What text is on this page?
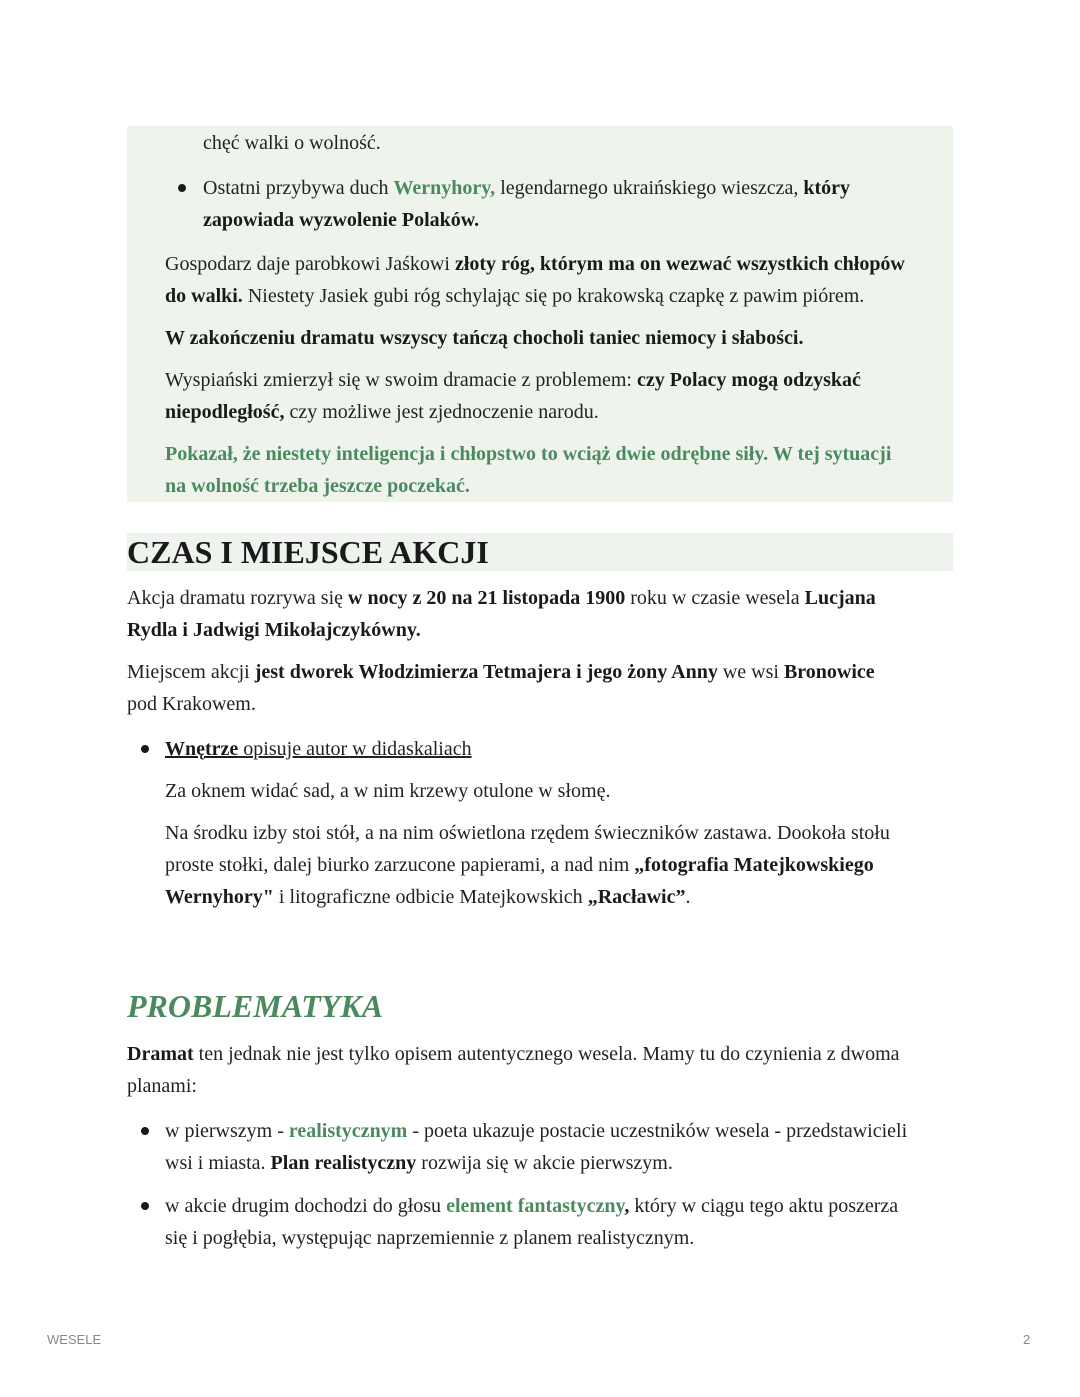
chęć walki o wolność.

Ostatni przybywa duch Wernyhory, legendarnego ukraińskiego wieszcza, który
zapowiada wyzwolenie Polaków.

Gospodarz daje parobkowi Jaśkowi złoty róg, którym ma on wezwać wszystkich chłopów
do walki. Niestety Jasiek gubi róg schylając się po krakowską czapkę z pawim piórem.

W zakończeniu dramatu wszyscy tańczą chocholi taniec niemocy i słabości.

Wyspiański zmierzył się w swoim dramacie z problemem: czy Polacy mogą odzyskać
niepodległość, czy możliwe jest zjednoczenie narodu.

Pokazał, że niestety inteligencja i chłopstwo to wciąż dwie odrębne siły. W tej sytuacji
na wolność trzeba jeszcze poczekać.

CZAS I MIEJSCE AKCJI

Akcja dramatu rozrywa się w nocy z 20 na 21 listopada 1900 roku w czasie wesela Lucjana
Rydla i Jadwigi Mikołajczykówny.

Miejscem akcji jest dworek Włodzimierza Tetmajera i jego żony Anny we wsi Bronowice
pod Krakowem.

Wnętrze opisuje autor w didaskaliach

Za oknem widać sad, a w nim krzewy otulone w słomę.

Na środku izby stoi stół, a na nim oświetlona rzędem świeczników zastawa. Dookoła stołu
proste stołki, dalej biurko zarzucone papierami, a nad nim „fotografia Matejkowskiego
Wernyhory" i litograficzne odbicie Matejkowskich „Racławic”.

PROBLEMATYKA

Dramat ten jednak nie jest tylko opisem autentycznego wesela. Mamy tu do czynienia z dwoma
planami:

w pierwszym - realistycznym - poeta ukazuje postacie uczestników wesela - przedstawicieli
wsi i miasta. Plan realistyczny rozwija się w akcie pierwszym.

w akcie drugim dochodzi do głosu element fantastyczny, który w ciągu tego aktu poszerza
się i pogłębia, występując naprzemiennie z planem realistycznym.

WESELE	2
